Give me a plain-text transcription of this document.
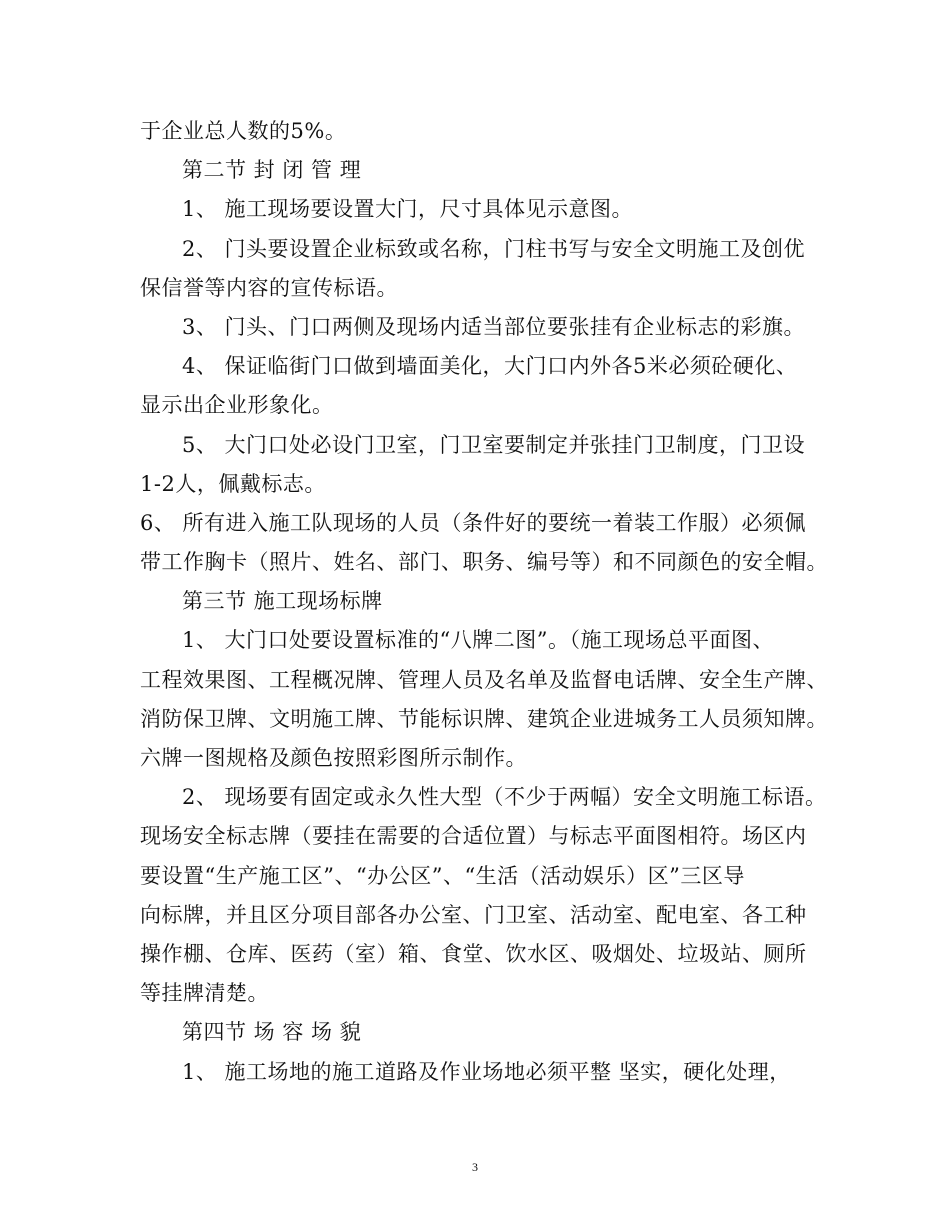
于企业总人数的5%。
第二节 封 闭 管 理
1、 施工现场要设置大门，尺寸具体见示意图。
2、 门头要设置企业标致或名称，门柱书写与安全文明施工及创优
保信誉等内容的宣传标语。
3、 门头、门口两侧及现场内适当部位要张挂有企业标志的彩旗。
4、 保证临街门口做到墙面美化，大门口内外各5米必须砼硬化、
显示出企业形象化。
5、 大门口处必设门卫室，门卫室要制定并张挂门卫制度，门卫设
1-2人，佩戴标志。
6、 所有进入施工队现场的人员（条件好的要统一着装工作服）必须佩
带工作胸卡（照片、姓名、部门、职务、编号等）和不同颜色的安全帽。
第三节 施工现场标牌
1、 大门口处要设置标准的“八牌二图”。（施工现场总平面图、
工程效果图、工程概况牌、管理人员及名单及监督电话牌、安全生产牌、
消防保卫牌、文明施工牌、节能标识牌、建筑企业进城务工人员须知牌。
六牌一图规格及颜色按照彩图所示制作。
2、 现场要有固定或永久性大型（不少于两幅）安全文明施工标语。
现场安全标志牌（要挂在需要的合适位置）与标志平面图相符。场区内
要设置“生产施工区”、“办公区”、“生活（活动娱乐）区”三区导
向标牌，并且区分项目部各办公室、门卫室、活动室、配电室、各工种
操作棚、仓库、医药（室）箱、食堂、饮水区、吸烟处、垃圾站、厕所
等挂牌清楚。
第四节 场 容 场 貌
1、 施工场地的施工道路及作业场地必须平整 坚实，硬化处理，
3
